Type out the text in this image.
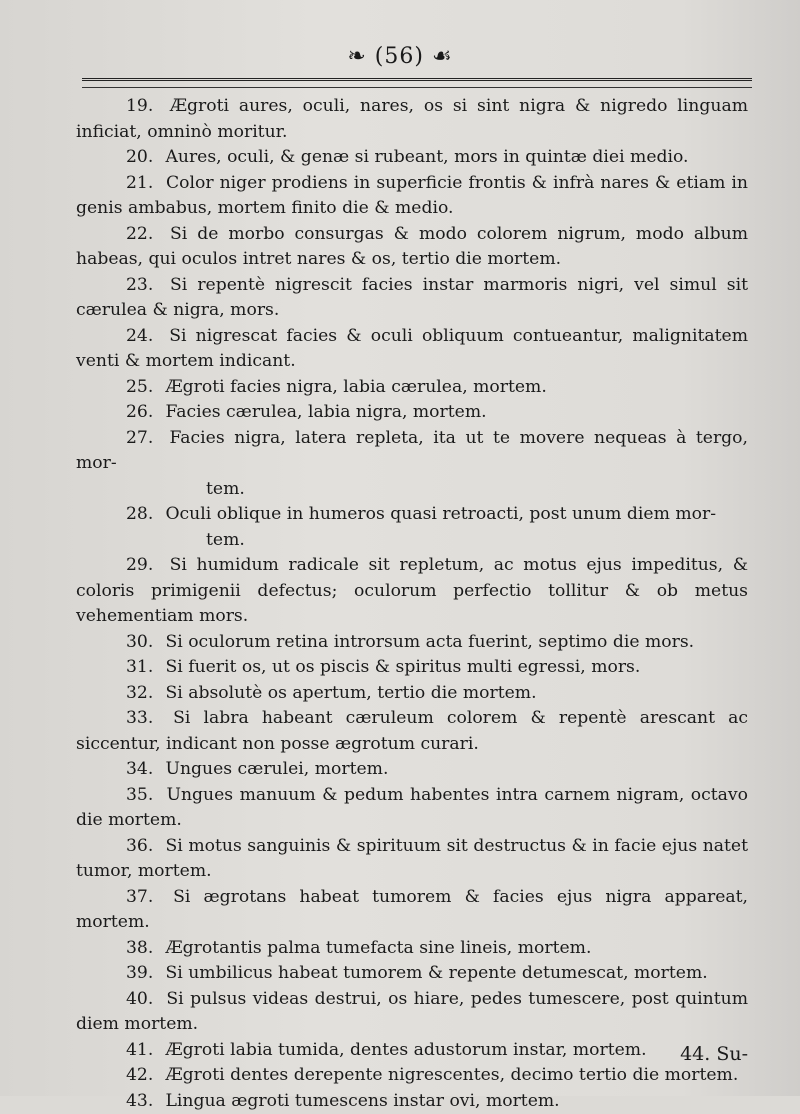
❧ (56) ☙

19. Ægroti aures, oculi, nares, os si sint nigra & nigredo linguam inficiat, omninò moritur.

20. Aures, oculi, & genæ si rubeant, mors in quintæ diei medio.

21. Color niger prodiens in superficie frontis & infrà nares & etiam in genis ambabus, mortem finito die & medio.

22. Si de morbo consurgas & modo colorem nigrum, modo album habeas, qui oculos intret nares & os, tertio die mortem.

23. Si repentè nigrescit facies instar marmoris nigri, vel simul sit cærulea & nigra, mors.

24. Si nigrescat facies & oculi obliquum contueantur, malignitatem venti & mortem indicant.

25. Ægroti facies nigra, labia cærulea, mortem.

26. Facies cærulea, labia nigra, mortem.

27. Facies nigra, latera repleta, ita ut te movere nequeas à tergo, mor-
tem.

28. Oculi oblique in humeros quasi retroacti, post unum diem mor-
tem.

29. Si humidum radicale sit repletum, ac motus ejus impeditus, & coloris primigenii defectus; oculorum perfectio tollitur & ob metus vehementiam mors.

30. Si oculorum retina introrsum acta fuerint, septimo die mors.

31. Si fuerit os, ut os piscis & spiritus multi egressi, mors.

32. Si absolutè os apertum, tertio die mortem.

33. Si labra habeant cæruleum colorem & repentè arescant ac siccentur, indicant non posse ægrotum curari.

34. Ungues cærulei, mortem.

35. Ungues manuum & pedum habentes intra carnem nigram, octavo die mortem.

36. Si motus sanguinis & spirituum sit destructus & in facie ejus natet tumor, mortem.

37. Si ægrotans habeat tumorem & facies ejus nigra appareat, mortem.

38. Ægrotantis palma tumefacta sine lineis, mortem.

39. Si umbilicus habeat tumorem & repente detumescat, mortem.

40. Si pulsus videas destrui, os hiare, pedes tumescere, post quintum diem mortem.

41. Ægroti labia tumida, dentes adustorum instar, mortem.

42. Ægroti dentes derepente nigrescentes, decimo tertio die mortem.

43. Lingua ægroti tumescens instar ovi, mortem.

44. Su-
